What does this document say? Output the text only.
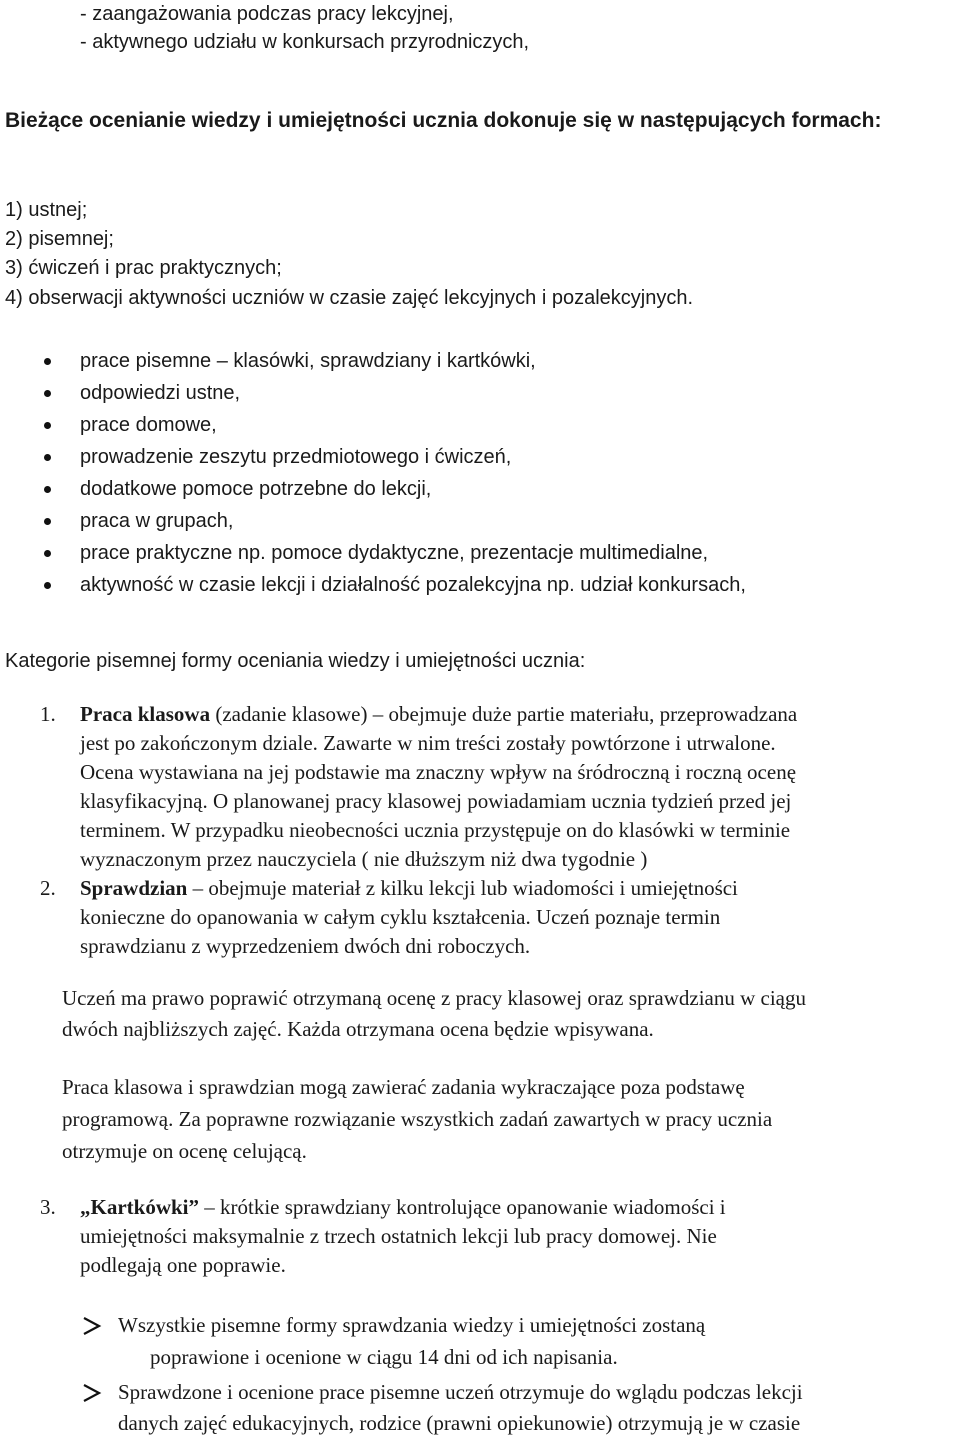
- zaangażowania podczas pracy lekcyjnej,
- aktywnego udziału w konkursach przyrodniczych,
Bieżące ocenianie wiedzy i umiejętności ucznia dokonuje się w następujących formach:
1) ustnej;
2) pisemnej;
3) ćwiczeń i prac praktycznych;
4) obserwacji aktywności uczniów w czasie zajęć lekcyjnych i pozalekcyjnych.
prace pisemne – klasówki, sprawdziany i kartkówki,
odpowiedzi ustne,
prace domowe,
prowadzenie zeszytu przedmiotowego i ćwiczeń,
dodatkowe pomoce potrzebne do lekcji,
praca w grupach,
prace praktyczne np. pomoce dydaktyczne, prezentacje multimedialne,
aktywność w czasie lekcji i działalność pozalekcyjna np. udział konkursach,
Kategorie pisemnej formy oceniania wiedzy i umiejętności ucznia:
1. Praca klasowa (zadanie klasowe) – obejmuje duże partie materiału, przeprowadzana
jest po zakończonym dziale. Zawarte w nim treści zostały powtórzone i utrwalone.
Ocena wystawiana na jej podstawie ma znaczny wpływ na śródroczną i roczną ocenę
klasyfikacyjną. O planowanej pracy klasowej powiadamiam ucznia tydzień przed jej
terminem. W przypadku nieobecności ucznia przystępuje on do klasówki w terminie
wyznaczonym przez nauczyciela ( nie dłuższym niż dwa tygodnie )
2. Sprawdzian – obejmuje materiał z kilku lekcji lub wiadomości i umiejętności
konieczne do opanowania w całym cyklu kształcenia. Uczeń poznaje termin
sprawdzianu z wyprzedzeniem dwóch dni roboczych.
Uczeń ma prawo poprawić otrzymaną ocenę z pracy klasowej oraz sprawdzianu w ciągu
dwóch najbliższych zajęć. Każda otrzymana ocena będzie wpisywana.
Praca klasowa i sprawdzian mogą zawierać zadania wykraczające poza podstawę
programową. Za poprawne rozwiązanie wszystkich zadań zawartych w pracy ucznia
otrzymuje on ocenę celującą.
3. „Kartkówki” – krótkie sprawdziany kontrolujące opanowanie wiadomości i
umiejętności maksymalnie z trzech ostatnich lekcji lub pracy domowej. Nie
podlegają one poprawie.
Wszystkie pisemne formy sprawdzania wiedzy i umiejętności zostaną
poprawione i ocenione w ciągu 14 dni od ich napisania.
Sprawdzone i ocenione prace pisemne uczeń otrzymuje do wglądu podczas lekcji
danych zajęć edukacyjnych, rodzice (prawni opiekunowie) otrzymują je w czasie
